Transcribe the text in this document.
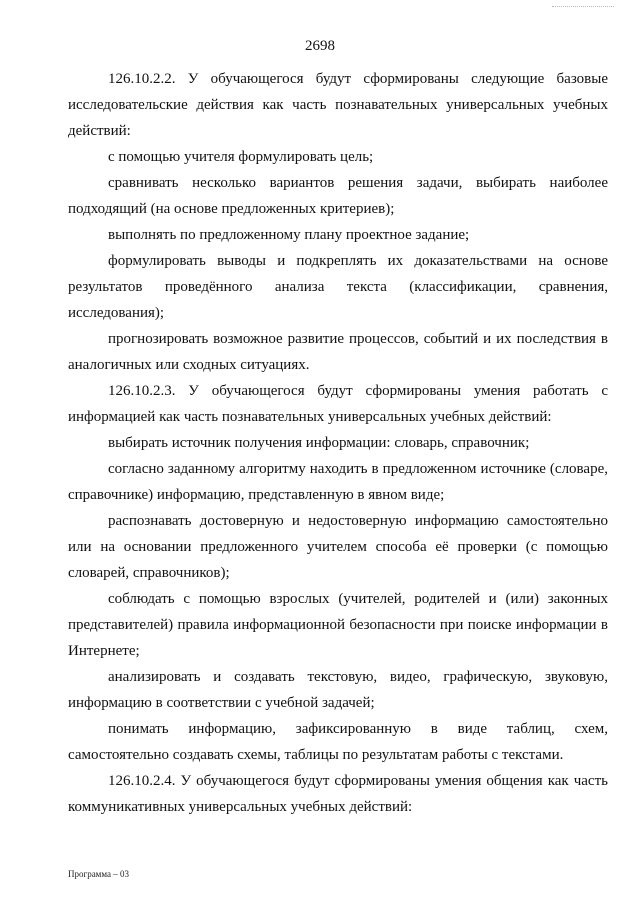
2698

126.10.2.2. У обучающегося будут сформированы следующие базовые исследовательские действия как часть познавательных универсальных учебных действий:

с помощью учителя формулировать цель;

сравнивать несколько вариантов решения задачи, выбирать наиболее подходящий (на основе предложенных критериев);

выполнять по предложенному плану проектное задание;

формулировать выводы и подкреплять их доказательствами на основе результатов проведённого анализа текста (классификации, сравнения, исследования);

прогнозировать возможное развитие процессов, событий и их последствия в аналогичных или сходных ситуациях.

126.10.2.3. У обучающегося будут сформированы умения работать с информацией как часть познавательных универсальных учебных действий:

выбирать источник получения информации: словарь, справочник;

согласно заданному алгоритму находить в предложенном источнике (словаре, справочнике) информацию, представленную в явном виде;

распознавать достоверную и недостоверную информацию самостоятельно или на основании предложенного учителем способа её проверки (с помощью словарей, справочников);

соблюдать с помощью взрослых (учителей, родителей и (или) законных представителей) правила информационной безопасности при поиске информации в Интернете;

анализировать и создавать текстовую, видео, графическую, звуковую, информацию в соответствии с учебной задачей;

понимать информацию, зафиксированную в виде таблиц, схем, самостоятельно создавать схемы, таблицы по результатам работы с текстами.

126.10.2.4. У обучающегося будут сформированы умения общения как часть коммуникативных универсальных учебных действий:

Программа – 03
